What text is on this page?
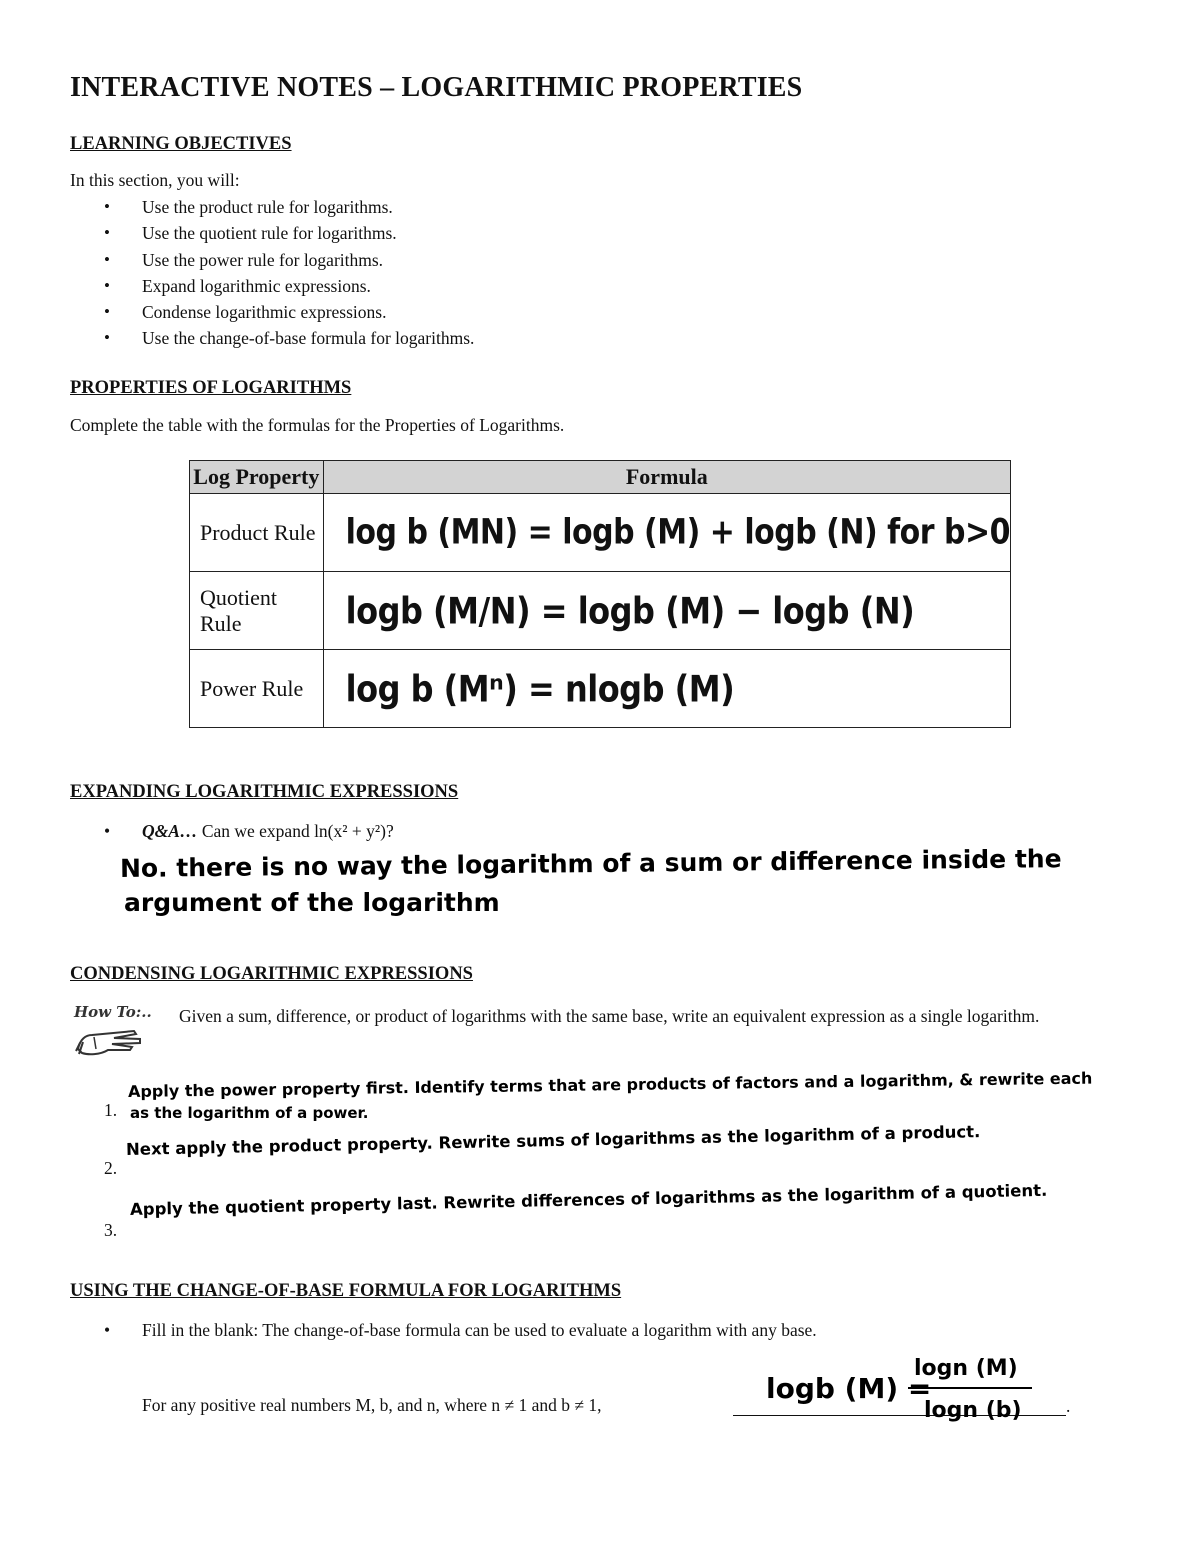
INTERACTIVE NOTES – LOGARITHMIC PROPERTIES
LEARNING OBJECTIVES
In this section, you will:
• Use the product rule for logarithms.
• Use the quotient rule for logarithms.
• Use the power rule for logarithms.
• Expand logarithmic expressions.
• Condense logarithmic expressions.
• Use the change-of-base formula for logarithms.
PROPERTIES OF LOGARITHMS
Complete the table with the formulas for the Properties of Logarithms.
Log Property	Formula
Product Rule	log b (MN) = logb (M) + logb (N) for b>0
Quotient Rule	logb (M/N) = logb (M) − logb (N)
Power Rule	log b (Mⁿ) = nlogb (M)
EXPANDING LOGARITHMIC EXPRESSIONS
• Q&A… Can we expand ln(x² + y²)?
No. there is no way the logarithm of a sum or difference inside the
argument of the logarithm
CONDENSING LOGARITHMIC EXPRESSIONS
How To:..	Given a sum, difference, or product of logarithms with the same base, write an equivalent expression as a single logarithm.
1.
Apply the power property first. Identify terms that are products of factors and a logarithm, & rewrite each
as the logarithm of a power.
2.
Next apply the product property. Rewrite sums of logarithms as the logarithm of a product.
3.
Apply the quotient property last. Rewrite differences of logarithms as the logarithm of a quotient.
USING THE CHANGE-OF-BASE FORMULA FOR LOGARITHMS
• Fill in the blank: The change-of-base formula can be used to evaluate a logarithm with any base.
For any positive real numbers M, b, and n, where n ≠ 1 and b ≠ 1,	.
logb (M) =
logn (M)
logn (b)
